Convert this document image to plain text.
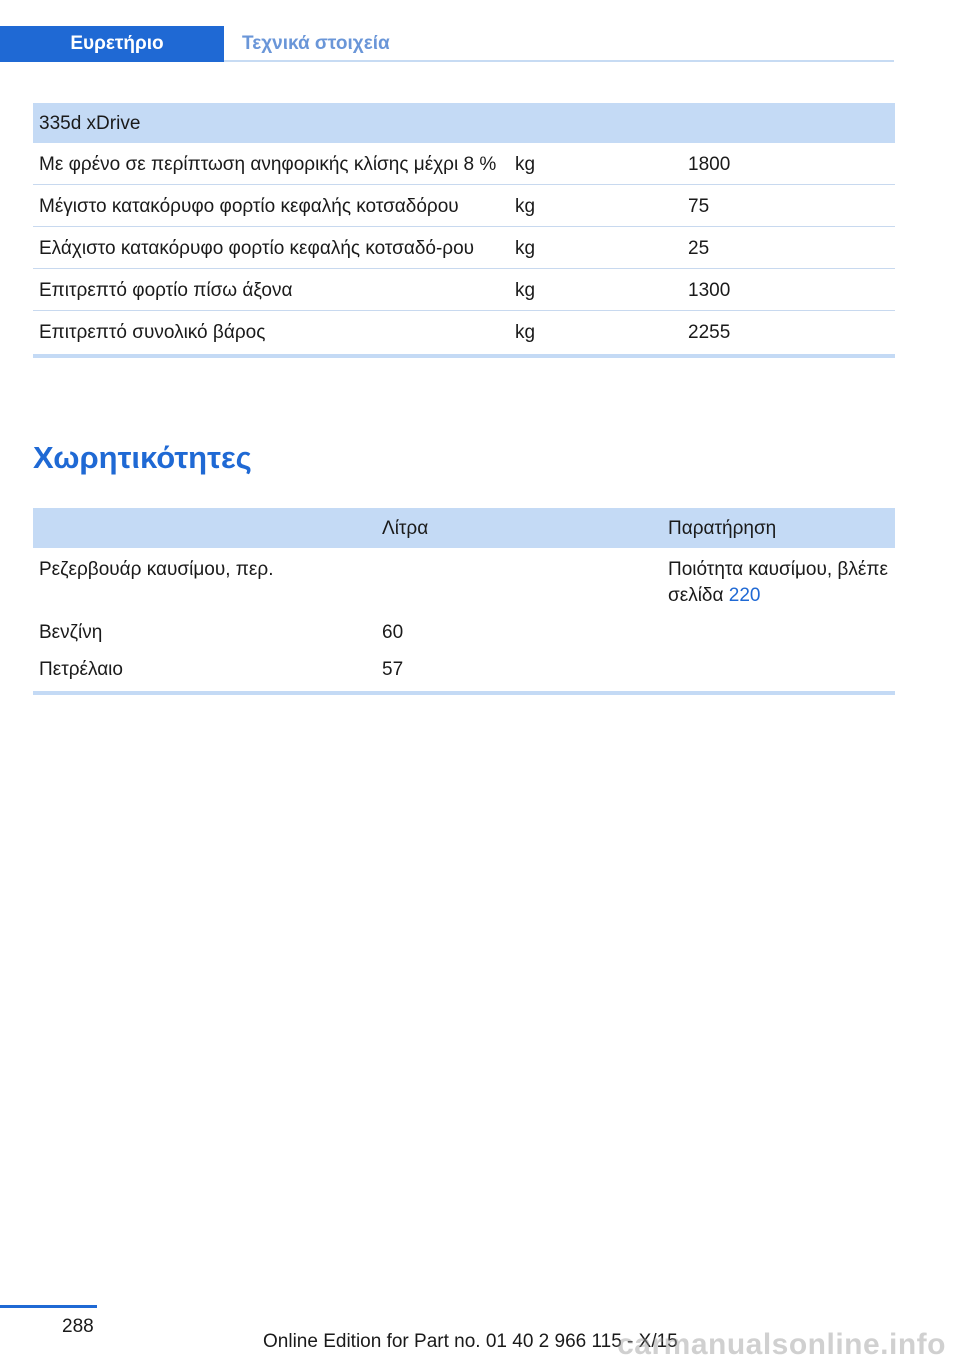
Ευρετήριο	Τεχνικά στοιχεία
335d xDrive		
Με φρένο σε περίπτωση ανηφορικής κλίσης μέχρι 8 %	kg	1800
Μέγιστο κατακόρυφο φορτίο κεφαλής κοτσαδόρου	kg	75
Ελάχιστο κατακόρυφο φορτίο κεφαλής κοτσαδό-ρου	kg	25
Επιτρεπτό φορτίο πίσω άξονα	kg	1300
Επιτρεπτό συνολικό βάρος	kg	2255
Χωρητικότητες
	Λίτρα	Παρατήρηση
Ρεζερβουάρ καυσίμου, περ.		Ποιότητα καυσίμου, βλέπε σελίδα 220
Βενζίνη	60	
Πετρέλαιο	57	
288
Online Edition for Part no. 01 40 2 966 115 - X/15
carmanualsonline.info
